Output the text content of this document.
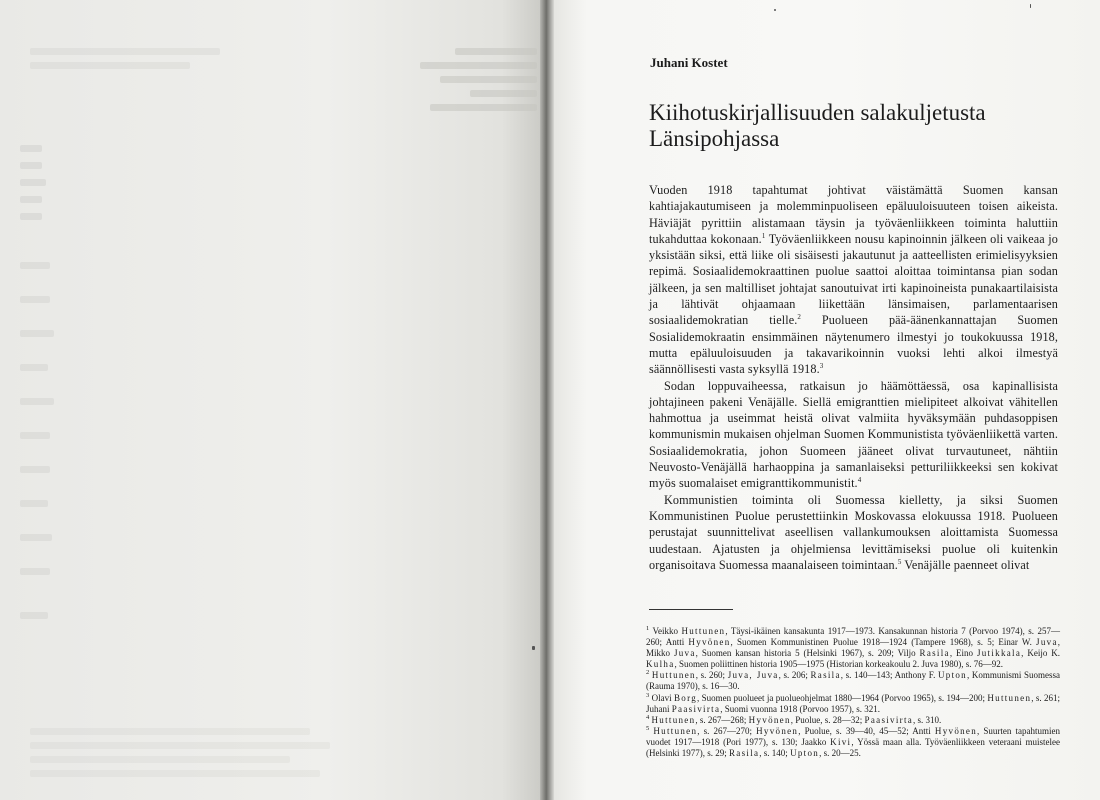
Juhani Kostet
Kiihotuskirjallisuuden salakuljetusta Länsipohjassa

Vuoden 1918 tapahtumat johtivat väistämättä Suomen kansan kahtiajakautumiseen ja molemminpuoliseen epäluuloisuuteen toisen aikeista. Häviäjät pyrittiin alistamaan täysin ja työväenliikkeen toiminta haluttiin tukahduttaa kokonaan.$^1$ Työväenliikkeen nousu kapinoinnin jälkeen oli vaikeaa jo yksistään siksi, että liike oli sisäisesti jakautunut ja aatteellisten erimielisyyksien repimä. Sosiaalidemokraattinen puolue saattoi aloittaa toimintansa pian sodan jälkeen, ja sen maltilliset johtajat sanoutuivat irti kapinoineista punakaartilaisista ja lähtivät ohjaamaan liikettään länsimaisen, parlamentaarisen sosiaalidemokratian tielle.$^2$ Puolueen pää-äänenkannattajan Suomen Sosialidemokraatin ensimmäinen näytenumero ilmestyi jo toukokuussa 1918, mutta epäluuloisuuden ja takavarikoinnin vuoksi lehti alkoi ilmestyä säännöllisesti vasta syksyllä 1918.$^3$

Sodan loppuvaiheessa, ratkaisun jo häämöttäessä, osa kapinallisista johtajineen pakeni Venäjälle. Siellä emigranttien mielipiteet alkoivat vähitellen hahmottua ja useimmat heistä olivat valmiita hyväksymään puhdasoppisen kommunismin mukaisen ohjelman Suomen Kommunistista työväenliikettä varten. Sosiaalidemokratia, johon Suomeen jääneet olivat turvautuneet, nähtiin Neuvosto-Venäjällä harhaoppina ja samanlaiseksi petturiliikkeeksi sen kokivat myös suomalaiset emigranttikommunistit.$^4$

Kommunistien toiminta oli Suomessa kielletty, ja siksi Suomen Kommunistinen Puolue perustettiinkin Moskovassa elokuussa 1918. Puolueen perustajat suunnittelivat aseellisen vallankumouksen aloittamista Suomessa uudestaan. Ajatusten ja ohjelmiensa levittämiseksi puolue oli kuitenkin organisoitava Suomessa maanalaiseen toimintaan.$^5$ Venäjälle paenneet olivat

$^1$ Veikko Huttunen, Täysi-ikäinen kansakunta 1917—1973. Kansakunnan historia 7 (Porvoo 1974), s. 257—260; Antti Hyvönen, Suomen Kommunistinen Puolue 1918—1924 (Tampere 1968), s. 5; Einar W. Juva, Mikko Juva, Suomen kansan historia 5 (Helsinki 1967), s. 209; Viljo Rasila, Eino Jutikkala, Keijo K. Kulha, Suomen poliittinen historia 1905—1975 (Historian korkeakoulu 2. Juva 1980), s. 76—92.

$^2$ Huttunen, s. 260; Juva, Juva, s. 206; Rasila, s. 140—143; Anthony F. Upton, Kommunismi Suomessa (Rauma 1970), s. 16—30.

$^3$ Olavi Borg, Suomen puolueet ja puolueohjelmat 1880—1964 (Porvoo 1965), s. 194—200; Huttunen, s. 261; Juhani Paasivirta, Suomi vuonna 1918 (Porvoo 1957), s. 321.

$^4$ Huttunen, s. 267—268; Hyvönen, Puolue, s. 28—32; Paasivirta, s. 310.

$^5$ Huttunen, s. 267—270; Hyvönen, Puolue, s. 39—40, 45—52; Antti Hyvönen, Suurten tapahtumien vuodet 1917—1918 (Pori 1977), s. 130; Jaakko Kivi, Yössä maan alla. Työväenliikkeen veteraani muistelee (Helsinki 1977), s. 29; Rasila, s. 140; Upton, s. 20—25.
